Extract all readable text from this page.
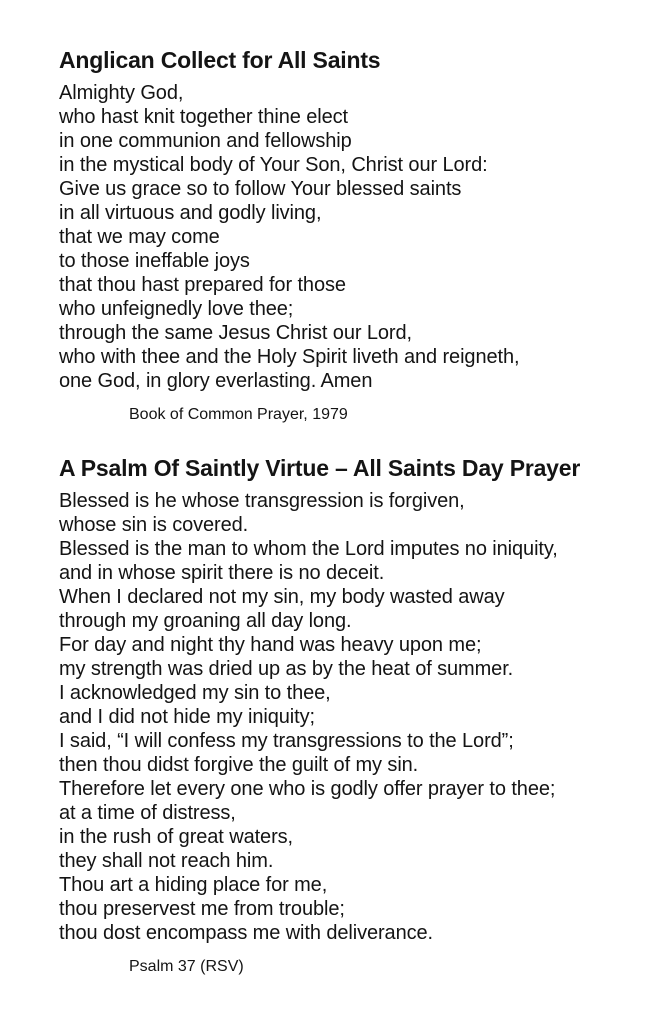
Anglican Collect for All Saints
Almighty God,
who hast knit together thine elect
in one communion and fellowship
in the mystical body of Your Son, Christ our Lord:
Give us grace so to follow Your blessed saints
in all virtuous and godly living,
that we may come
to those ineffable joys
that thou hast prepared for those
who unfeignedly love thee;
through the same Jesus Christ our Lord,
who with thee and the Holy Spirit liveth and reigneth,
one God, in glory everlasting. Amen
Book of Common Prayer, 1979
A Psalm Of Saintly Virtue – All Saints Day Prayer
Blessed is he whose transgression is forgiven,
whose sin is covered.
Blessed is the man to whom the Lord imputes no iniquity,
and in whose spirit there is no deceit.
When I declared not my sin, my body wasted away
through my groaning all day long.
For day and night thy hand was heavy upon me;
my strength was dried up as by the heat of summer.
I acknowledged my sin to thee,
and I did not hide my iniquity;
I said, “I will confess my transgressions to the Lord”;
then thou didst forgive the guilt of my sin.
Therefore let every one who is godly offer prayer to thee;
at a time of distress,
in the rush of great waters,
they shall not reach him.
Thou art a hiding place for me,
thou preservest me from trouble;
thou dost encompass me with deliverance.
Psalm 37 (RSV)
